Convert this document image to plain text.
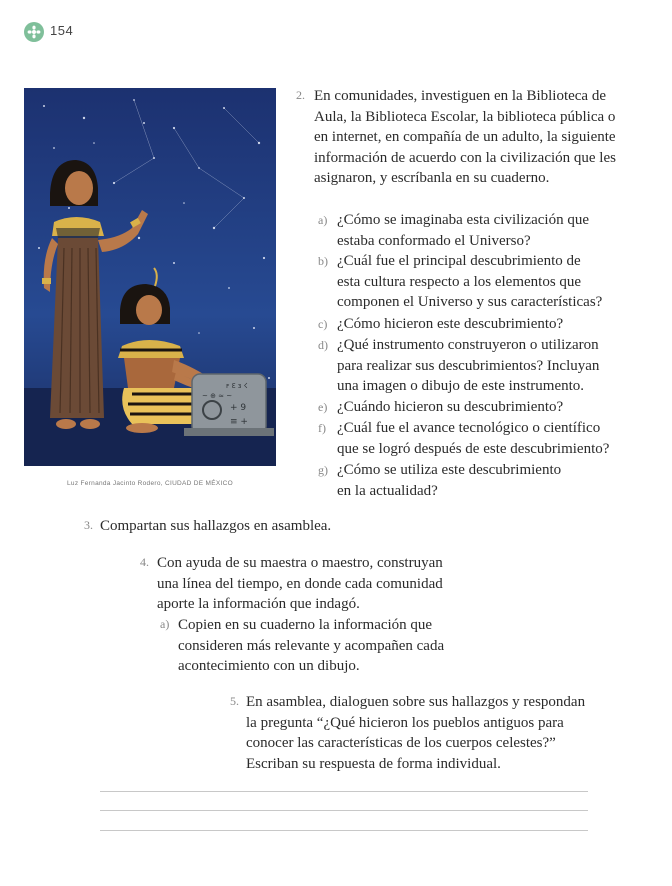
154
ꜰ 𐐁 ɜ 𐌂
~ ⊕ ≈ ~
+ 9
≡ +
Luz Fernanda Jacinto Rodero, CIUDAD DE MÉXICO
2. En comunidades, investiguen en la Biblioteca de Aula, la Biblioteca Escolar, la biblioteca pública o en internet, en compañía de un adulto, la siguiente información de acuerdo con la civilización que les asignaron, y escríbanla en su cuaderno.
a) ¿Cómo se imaginaba esta civilización que
estaba conformado el Universo?
b) ¿Cuál fue el principal descubrimiento de
esta cultura respecto a los elementos que
componen el Universo y sus características?
c) ¿Cómo hicieron este descubrimiento?
d) ¿Qué instrumento construyeron o utilizaron
para realizar sus descubrimientos? Incluyan
una imagen o dibujo de este instrumento.
e) ¿Cuándo hicieron su descubrimiento?
f) ¿Cuál fue el avance tecnológico o científico
que se logró después de este descubrimiento?
g) ¿Cómo se utiliza este descubrimiento
en la actualidad?
3. Compartan sus hallazgos en asamblea.
4. Con ayuda de su maestra o maestro, construyan
una línea del tiempo, en donde cada comunidad
aporte la información que indagó.
a) Copien en su cuaderno la información que
consideren más relevante y acompañen cada
acontecimiento con un dibujo.
5. En asamblea, dialoguen sobre sus hallazgos y respondan
la pregunta “¿Qué hicieron los pueblos antiguos para
conocer las características de los cuerpos celestes?”
Escriban su respuesta de forma individual.
